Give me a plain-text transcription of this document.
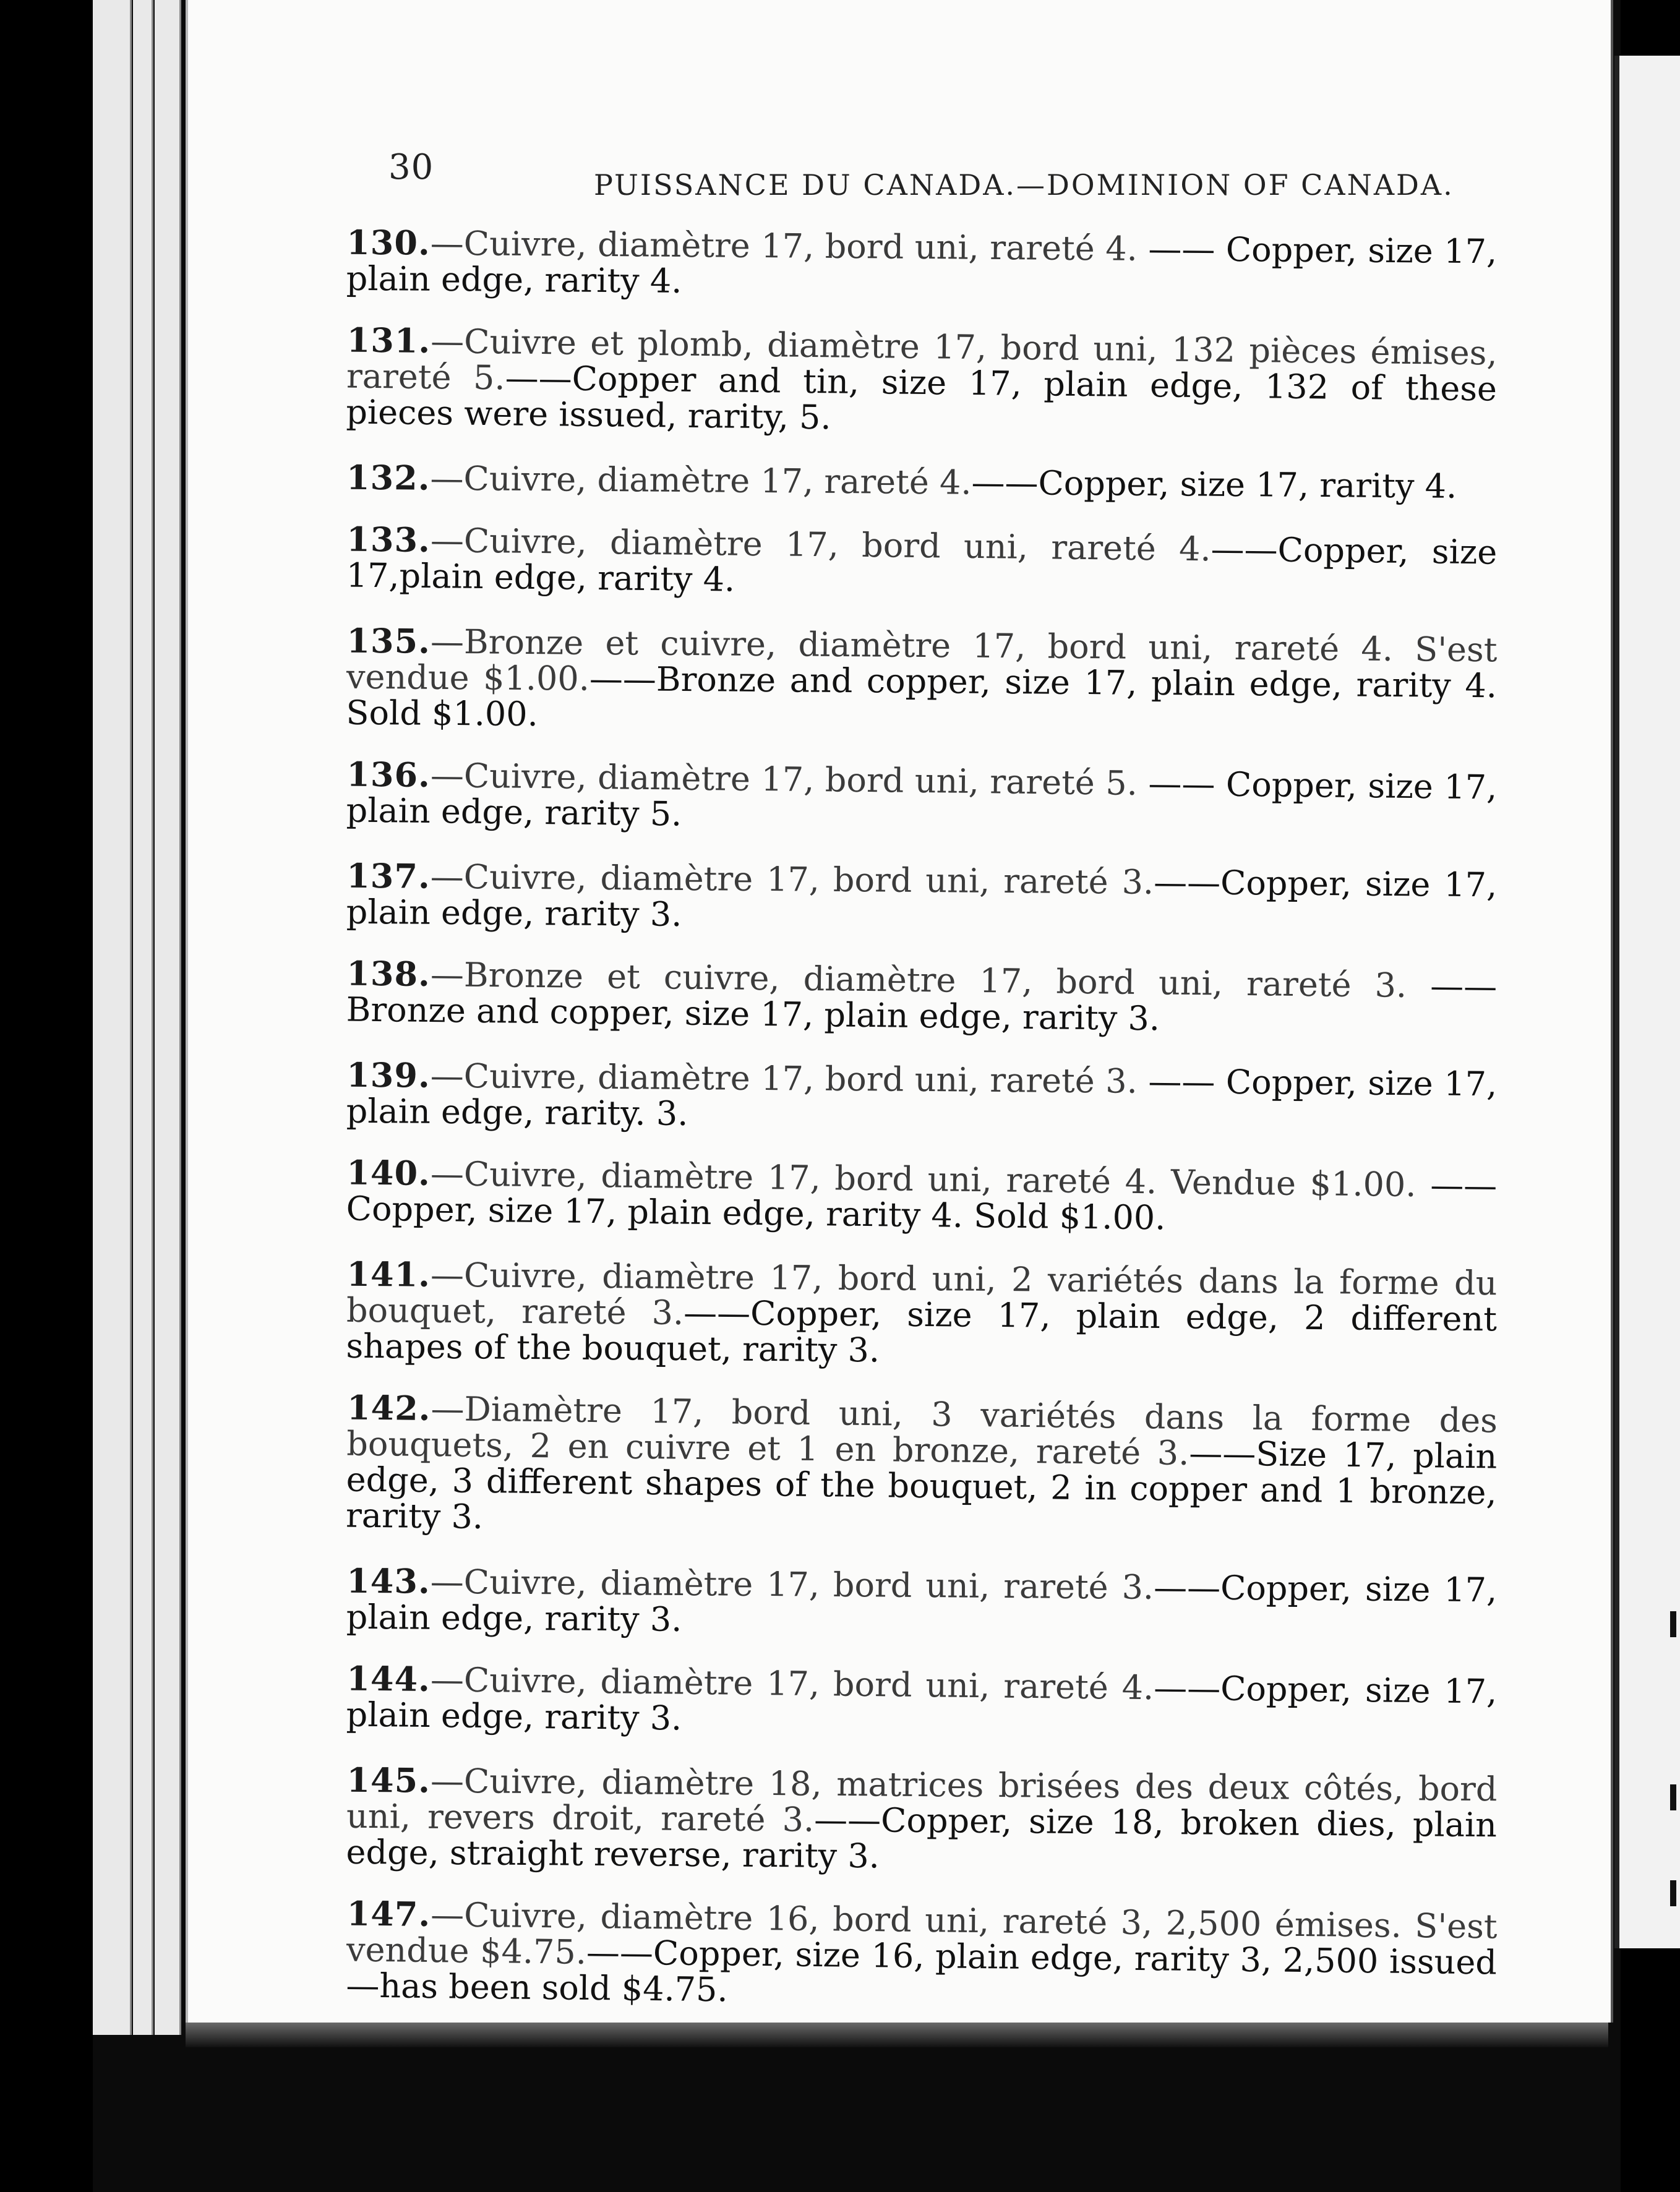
30	PUISSANCE DU CANADA.—DOMINION OF CANADA.
130.—Cuivre, diamètre 17, bord uni, rareté 4. —— Copper, size 17, plain edge, rarity 4.
131.—Cuivre et plomb, diamètre 17, bord uni, 132 pièces émises, rareté 5.——Copper and tin, size 17, plain edge, 132 of these pieces were issued, rarity, 5.
132.—Cuivre, diamètre 17, rareté 4.——Copper, size 17, rarity 4.
133.—Cuivre, diamètre 17, bord uni, rareté 4.——Copper, size 17,plain edge, rarity 4.
135.—Bronze et cuivre, diamètre 17, bord uni, rareté 4. S'est vendue $1.00.——Bronze and copper, size 17, plain edge, rarity 4. Sold $1.00.
136.—Cuivre, diamètre 17, bord uni, rareté 5. —— Copper, size 17, plain edge, rarity 5.
137.—Cuivre, diamètre 17, bord uni, rareté 3.——Copper, size 17, plain edge, rarity 3.
138.—Bronze et cuivre, diamètre 17, bord uni, rareté 3. —— Bronze and copper, size 17, plain edge, rarity 3.
139.—Cuivre, diamètre 17, bord uni, rareté 3. —— Copper, size 17, plain edge, rarity. 3.
140.—Cuivre, diamètre 17, bord uni, rareté 4. Vendue $1.00. —— Copper, size 17, plain edge, rarity 4. Sold $1.00.
141.—Cuivre, diamètre 17, bord uni, 2 variétés dans la forme du bouquet, rareté 3.——Copper, size 17, plain edge, 2 different shapes of the bouquet, rarity 3.
142.—Diamètre 17, bord uni, 3 variétés dans la forme des bouquets, 2 en cuivre et 1 en bronze, rareté 3.——Size 17, plain edge, 3 different shapes of the bouquet, 2 in copper and 1 bronze, rarity 3.
143.—Cuivre, diamètre 17, bord uni, rareté 3.——Copper, size 17, plain edge, rarity 3.
144.—Cuivre, diamètre 17, bord uni, rareté 4.——Copper, size 17, plain edge, rarity 3.
145.—Cuivre, diamètre 18, matrices brisées des deux côtés, bord uni, revers droit, rareté 3.——Copper, size 18, broken dies, plain edge, straight reverse, rarity 3.
147.—Cuivre, diamètre 16, bord uni, rareté 3, 2,500 émises. S'est vendue $4.75.——Copper, size 16, plain edge, rarity 3, 2,500 issued —has been sold $4.75.
